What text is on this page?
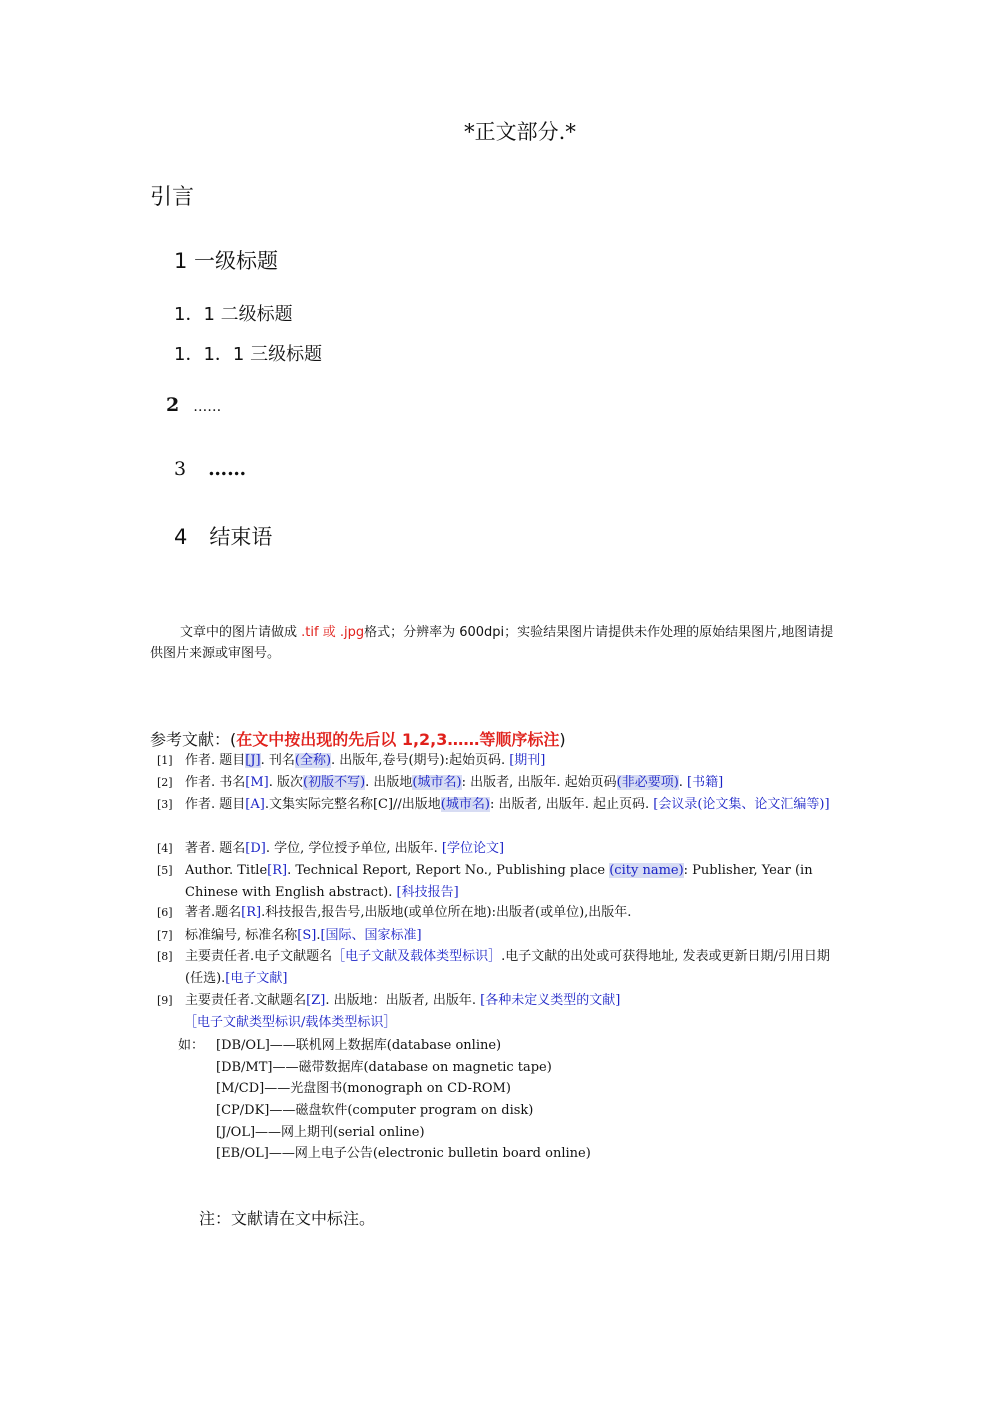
*正文部分.*
引言
1 一级标题
1．1 二级标题
1．1．1 三级标题
2 ……
3 ……
4 结束语
文章中的图片请做成 .tif 或 .jpg格式；分辨率为 600dpi；实验结果图片请提供未作处理的原始结果图片,地图请提供图片来源或审图号。
参考文献：(在文中按出现的先后以 1,2,3……等顺序标注)
[1] 作者. 题目[J]. 刊名(全称). 出版年,卷号(期号):起始页码. [期刊]
[2] 作者. 书名[M]. 版次(初版不写). 出版地(城市名): 出版者, 出版年. 起始页码(非必要项). [书籍]
[3] 作者. 题目[A].文集实际完整名称[C]//出版地(城市名): 出版者, 出版年. 起止页码. [会议录(论文集、论文汇编等)]
[4] 著者. 题名[D]. 学位, 学位授予单位, 出版年. [学位论文]
[5] Author. Title[R]. Technical Report, Report No., Publishing place (city name): Publisher, Year (in Chinese with English abstract). [科技报告]
[6] 著者.题名[R].科技报告,报告号,出版地(或单位所在地):出版者(或单位),出版年.
[7] 标准编号, 标准名称[S].[国际、国家标准]
[8] 主要责任者.电子文献题名［电子文献及载体类型标识］.电子文献的出处或可获得地址, 发表或更新日期/引用日期(任选).[电子文献]
[9] 主要责任者.文献题名[Z]. 出版地：出版者, 出版年. [各种未定义类型的文献]
［电子文献类型标识/载体类型标识］
如： [DB/OL]——联机网上数据库(database online)
[DB/MT]——磁带数据库(database on magnetic tape)
[M/CD]——光盘图书(monograph on CD-ROM)
[CP/DK]——磁盘软件(computer program on disk)
[J/OL]——网上期刊(serial online)
[EB/OL]——网上电子公告(electronic bulletin board online)
注：文献请在文中标注。
